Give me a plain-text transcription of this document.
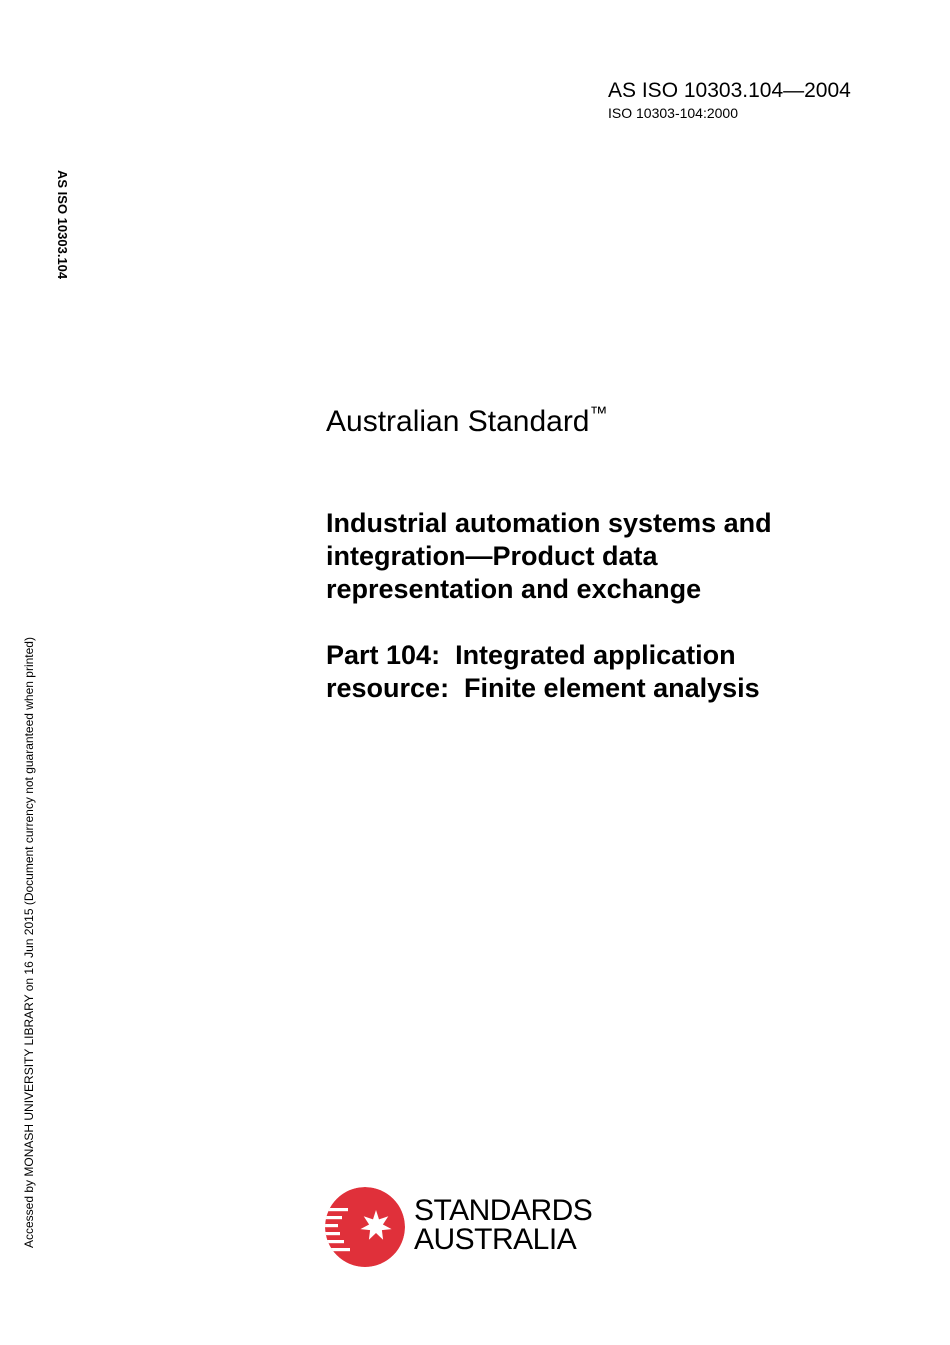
AS ISO 10303.104—2004
ISO 10303-104:2000
AS ISO 10303.104
Accessed by MONASH UNIVERSITY LIBRARY on 16 Jun 2015 (Document currency not guaranteed when printed)
Australian Standard™

Industrial automation systems and

integration—Product data

representation and exchange

Part 104:  Integrated application

resource:  Finite element analysis

STANDARDS
AUSTRALIA
